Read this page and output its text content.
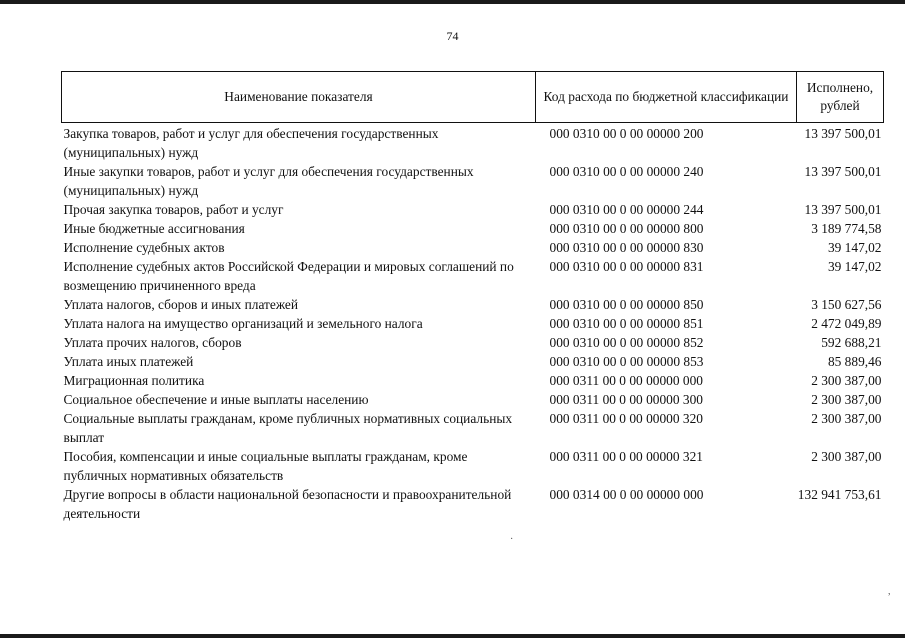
74
Наименование показателя	Код расхода по бюджетной классификации	Исполнено, рублей
Закупка товаров, работ и услуг для обеспечения государственных (муниципальных) нужд	000 0310 00 0 00 00000 200	13 397 500,01
Иные закупки товаров, работ и услуг для обеспечения государственных (муниципальных) нужд	000 0310 00 0 00 00000 240	13 397 500,01
Прочая закупка товаров, работ и услуг	000 0310 00 0 00 00000 244	13 397 500,01
Иные бюджетные ассигнования	000 0310 00 0 00 00000 800	3 189 774,58
Исполнение судебных актов	000 0310 00 0 00 00000 830	39 147,02
Исполнение судебных актов Российской Федерации и мировых соглашений по возмещению причиненного вреда	000 0310 00 0 00 00000 831	39 147,02
Уплата налогов, сборов и иных платежей	000 0310 00 0 00 00000 850	3 150 627,56
Уплата налога на имущество организаций и земельного налога	000 0310 00 0 00 00000 851	2 472 049,89
Уплата прочих налогов, сборов	000 0310 00 0 00 00000 852	592 688,21
Уплата иных платежей	000 0310 00 0 00 00000 853	85 889,46
Миграционная политика	000 0311 00 0 00 00000 000	2 300 387,00
Социальное обеспечение и иные выплаты населению	000 0311 00 0 00 00000 300	2 300 387,00
Социальные выплаты гражданам, кроме публичных нормативных социальных выплат	000 0311 00 0 00 00000 320	2 300 387,00
Пособия, компенсации и иные социальные выплаты гражданам, кроме публичных нормативных обязательств	000 0311 00 0 00 00000 321	2 300 387,00
Другие вопросы в области национальной безопасности и правоохранительной деятельности	000 0314 00 0 00 00000 000	132 941 753,61
·
,
